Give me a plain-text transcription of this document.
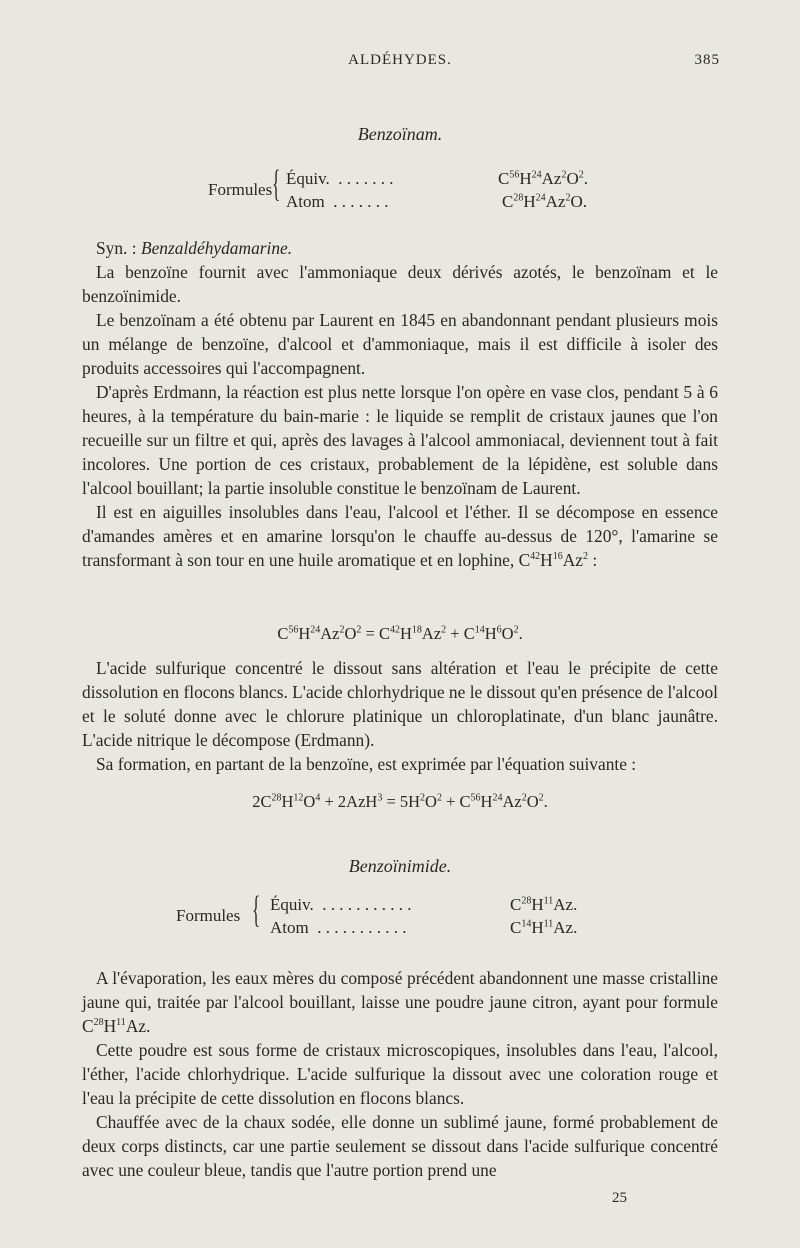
ALDÉHYDES.	385
Benzoïnam.
Formules { Équiv.  . . . . . . .	$C^{56}H^{24}Az^2O^2$.
Atom  . . . . . . .	$C^{28}H^{24}Az^2O$.

Syn. : Benzaldéhydamarine.

La benzoïne fournit avec l'ammoniaque deux dérivés azotés, le benzoïnam et le benzoïnimide.

Le benzoïnam a été obtenu par Laurent en 1845 en abandonnant pendant plusieurs mois un mélange de benzoïne, d'alcool et d'ammoniaque, mais il est difficile à isoler des produits accessoires qui l'accompagnent.

D'après Erdmann, la réaction est plus nette lorsque l'on opère en vase clos, pendant 5 à 6 heures, à la température du bain-marie : le liquide se remplit de cristaux jaunes que l'on recueille sur un filtre et qui, après des lavages à l'alcool ammoniacal, deviennent tout à fait incolores. Une portion de ces cristaux, probablement de la lépidène, est soluble dans l'alcool bouillant; la partie insoluble constitue le benzoïnam de Laurent.

Il est en aiguilles insolubles dans l'eau, l'alcool et l'éther. Il se décompose en essence d'amandes amères et en amarine lorsqu'on le chauffe au-dessus de 120°, l'amarine se transformant à son tour en une huile aromatique et en lophine, $C^{42}H^{16}Az^2$ :

$C^{56}H^{24}Az^2O^2 = C^{42}H^{18}Az^2 + C^{14}H^6O^2$.

L'acide sulfurique concentré le dissout sans altération et l'eau le précipite de cette dissolution en flocons blancs. L'acide chlorhydrique ne le dissout qu'en présence de l'alcool et le soluté donne avec le chlorure platinique un chloroplatinate, d'un blanc jaunâtre. L'acide nitrique le décompose (Erdmann).

Sa formation, en partant de la benzoïne, est exprimée par l'équation suivante :

$2C^{28}H^{12}O^4 + 2AzH^3 = 5H^2O^2 + C^{56}H^{24}Az^2O^2$.
Benzoïnimide.
Formules { Équiv.  . . . . . . . . . . .	$C^{28}H^{11}Az$.
Atom  . . . . . . . . . . .	$C^{14}H^{11}Az$.

A l'évaporation, les eaux mères du composé précédent abandonnent une masse cristalline jaune qui, traitée par l'alcool bouillant, laisse une poudre jaune citron, ayant pour formule $C^{28}H^{11}Az$.

Cette poudre est sous forme de cristaux microscopiques, insolubles dans l'eau, l'alcool, l'éther, l'acide chlorhydrique. L'acide sulfurique la dissout avec une coloration rouge et l'eau la précipite de cette dissolution en flocons blancs.

Chauffée avec de la chaux sodée, elle donne un sublimé jaune, formé probablement de deux corps distincts, car une partie seulement se dissout dans l'acide sulfurique concentré avec une couleur bleue, tandis que l'autre portion prend une

25
